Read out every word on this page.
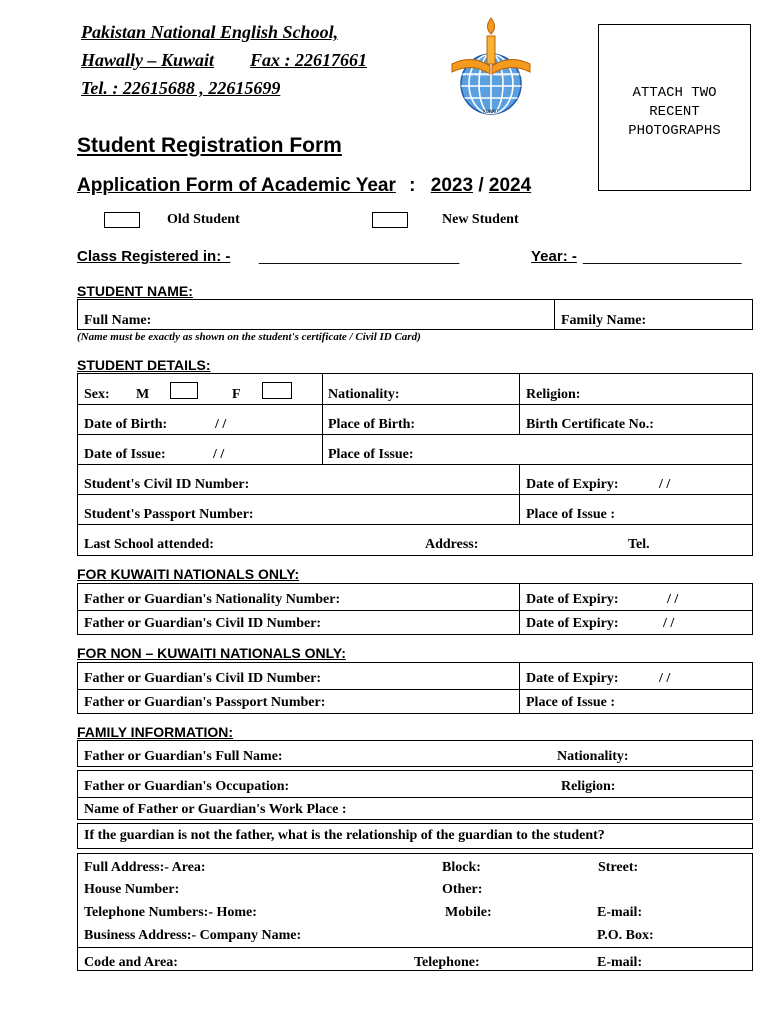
Pakistan National English School,
Hawally – Kuwait Fax : 22617661
Tel. : 22615688 , 22615699
PAKISTAN NATIONAL ENGLISH SCHOOL
KUWAIT
ATTACH TWO
RECENT
PHOTOGRAPHS
Student Registration Form
Application Form of Academic Year : 2023 / 2024
Old Student	New Student
Class Registered in: - ________________________	Year: - ___________________
STUDENT NAME:
Full Name:	Family Name:
(Name must be exactly as shown on the student's certificate / Civil ID Card)
STUDENT DETAILS:
Sex: M	F	Nationality:	Religion:
Date of Birth:	/ /	Place of Birth:	Birth Certificate No.:
Date of Issue:	/ /	Place of Issue:
Student's Civil ID Number:	Date of Expiry:	/ /
Student's Passport Number:	Place of Issue :
Last School attended:	Address:	Tel.
FOR KUWAITI NATIONALS ONLY:
Father or Guardian's Nationality Number:	Date of Expiry:	/ /
Father or Guardian's Civil ID Number:	Date of Expiry:	/ /
FOR NON – KUWAITI NATIONALS ONLY:
Father or Guardian's Civil ID Number:	Date of Expiry:	/ /
Father or Guardian's Passport Number:	Place of Issue :
FAMILY INFORMATION:
Father or Guardian's Full Name:	Nationality:
Father or Guardian's Occupation:	Religion:
Name of Father or Guardian's Work Place :
If the guardian is not the father, what is the relationship of the guardian to the student?
Full Address:- Area:	Block:	Street:
House Number:	Other:
Telephone Numbers:- Home:	Mobile:	E-mail:
Business Address:- Company Name:	P.O. Box:
Code and Area:	Telephone:	E-mail:
